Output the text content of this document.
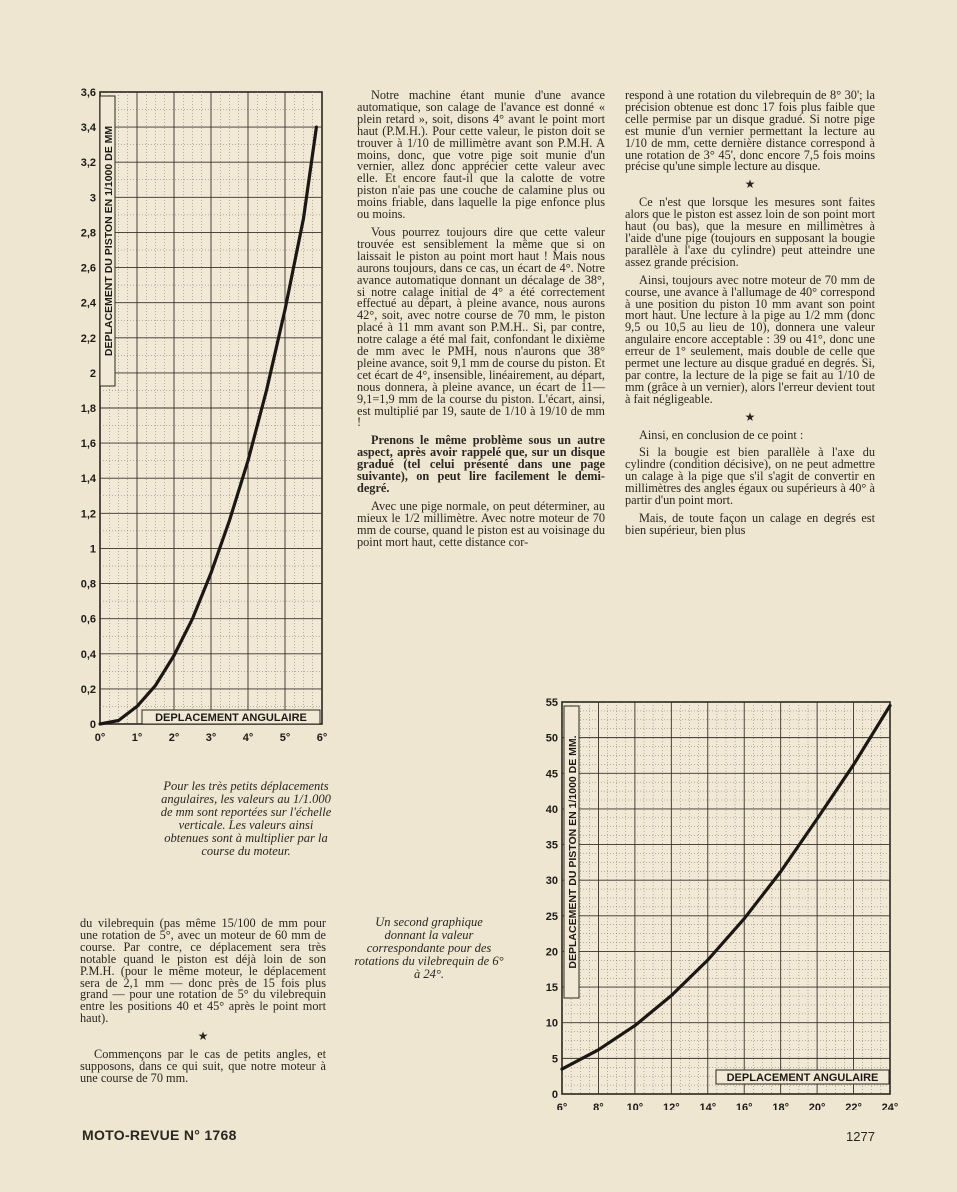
0° 1° 2° 3° 4° 5° 6°
0
0,2
0,4
0,6
0,8
1
1,2
1,4
1,6
1,8
2
2,2
2,4
2,6
2,8
3
3,2
3,4
3,6
DEPLACEMENT ANGULAIRE
DEPLACEMENT DU PISTON EN 1/1000 DE MM
6° 8° 10° 12° 14° 16° 18° 20° 22° 24°
0
5
10
15
20
25
30
35
40
45
50
55
DEPLACEMENT ANGULAIRE
DEPLACEMENT DU PISTON EN 1/1000 DE MM.

Notre machine étant munie d'une avance automatique, son calage de l'avance est donné « plein retard », soit, disons 4° avant le point mort haut (P.M.H.). Pour cette valeur, le piston doit se trouver à 1/10 de millimètre avant son P.M.H. A moins, donc, que votre pige soit munie d'un vernier, allez donc apprécier cette valeur avec elle. Et encore faut-il que la calotte de votre piston n'aie pas une couche de calamine plus ou moins friable, dans laquelle la pige enfonce plus ou moins.

Vous pourrez toujours dire que cette valeur trouvée est sensiblement la même que si on laissait le piston au point mort haut ! Mais nous aurons toujours, dans ce cas, un écart de 4°. Notre avance automatique donnant un décalage de 38°, si notre calage initial de 4° a été correctement effectué au départ, à pleine avance, nous aurons 42°, soit, avec notre course de 70 mm, le piston placé à 11 mm avant son P.M.H.. Si, par contre, notre calage a été mal fait, confondant le dixième de mm avec le PMH, nous n'aurons que 38° pleine avance, soit 9,1 mm de course du piston. Et cet écart de 4°, insensible, linéairement, au départ, nous donnera, à pleine avance, un écart de 11—9,1=1,9 mm de la course du piston. L'écart, ainsi, est multiplié par 19, saute de 1/10 à 19/10 de mm !

Prenons le même problème sous un autre aspect, après avoir rappelé que, sur un disque gradué (tel celui présenté dans une page suivante), on peut lire facilement le demi-degré.

Avec une pige normale, on peut déterminer, au mieux le 1/2 millimètre. Avec notre moteur de 70 mm de course, quand le piston est au voisinage du point mort haut, cette distance cor-

respond à une rotation du vilebrequin de 8° 30'; la précision obtenue est donc 17 fois plus faible que celle permise par un disque gradué. Si notre pige est munie d'un vernier permettant la lecture au 1/10 de mm, cette dernière distance correspond à une rotation de 3° 45', donc encore 7,5 fois moins précise qu'une simple lecture au disque.

★

Ce n'est que lorsque les mesures sont faites alors que le piston est assez loin de son point mort haut (ou bas), que la mesure en millimètres à l'aide d'une pige (toujours en supposant la bougie parallèle à l'axe du cylindre) peut atteindre une assez grande précision.

Ainsi, toujours avec notre moteur de 70 mm de course, une avance à l'allumage de 40° correspond à une position du piston 10 mm avant son point mort haut. Une lecture à la pige au 1/2 mm (donc 9,5 ou 10,5 au lieu de 10), donnera une valeur angulaire encore acceptable : 39 ou 41°, donc une erreur de 1° seulement, mais double de celle que permet une lecture au disque gradué en degrés. Si, par contre, la lecture de la pige se fait au 1/10 de mm (grâce à un vernier), alors l'erreur devient tout à fait négligeable.

★

Ainsi, en conclusion de ce point :

Si la bougie est bien parallèle à l'axe du cylindre (condition décisive), on ne peut admettre un calage à la pige que s'il s'agit de convertir en millimètres des angles égaux ou supérieurs à 40° à partir d'un point mort.

Mais, de toute façon un calage en degrés est bien supérieur, bien plus

du vilebrequin (pas même 15/100 de mm pour une rotation de 5°, avec un moteur de 60 mm de course. Par contre, ce déplacement sera très notable quand le piston est déjà loin de son P.M.H. (pour le même moteur, le déplacement sera de 2,1 mm — donc près de 15 fois plus grand — pour une rotation de 5° du vilebrequin entre les positions 40 et 45° après le point mort haut).

★

Commençons par le cas de petits angles, et supposons, dans ce qui suit, que notre moteur à une course de 70 mm.

Pour les très petits déplacements angulaires, les valeurs au 1/1.000 de mm sont reportées sur l'échelle verticale. Les valeurs ainsi obtenues sont à multiplier par la course du moteur.
Un second graphique donnant la valeur correspondante pour des rotations du vilebrequin de 6° à 24°.
MOTO-REVUE N° 1768	1277
